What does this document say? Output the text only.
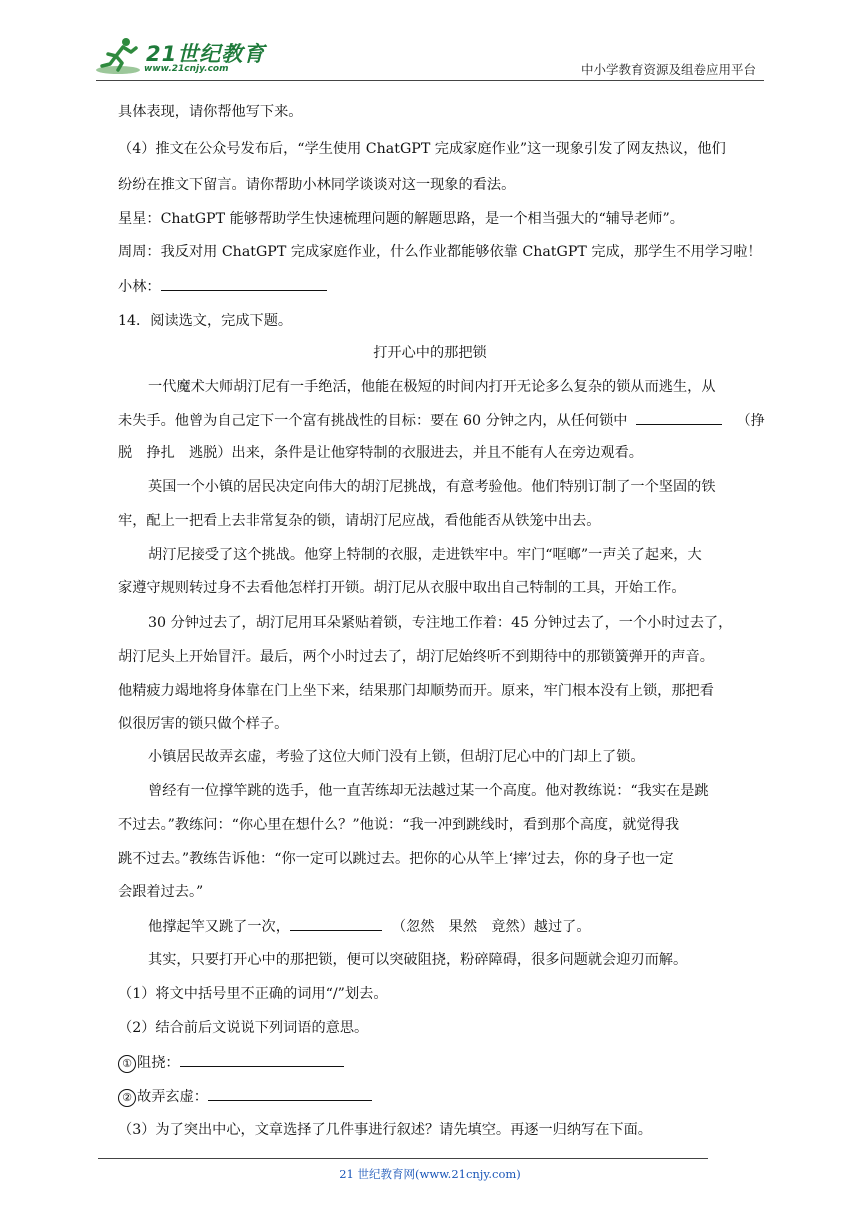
21世纪教育
www.21cnjy.com	中小学教育资源及组卷应用平台
具体表现，请你帮他写下来。
（4）推文在公众号发布后，“学生使用 ChatGPT 完成家庭作业”这一现象引发了网友热议，他们
纷纷在推文下留言。请你帮助小林同学谈谈对这一现象的看法。
星星：ChatGPT 能够帮助学生快速梳理问题的解题思路，是一个相当强大的“辅导老师”。
周周：我反对用 ChatGPT 完成家庭作业，什么作业都能够依靠 ChatGPT 完成，那学生不用学习啦！
小林：
14．阅读选文，完成下题。
打开心中的那把锁
一代魔术大师胡汀尼有一手绝活，他能在极短的时间内打开无论多么复杂的锁从而逃生，从
未失手。他曾为自己定下一个富有挑战性的目标：要在 60 分钟之内，从任何锁中	（挣
脱　挣扎　逃脱）出来，条件是让他穿特制的衣服进去，并且不能有人在旁边观看。
英国一个小镇的居民决定向伟大的胡汀尼挑战，有意考验他。他们特别订制了一个坚固的铁
牢，配上一把看上去非常复杂的锁，请胡汀尼应战，看他能否从铁笼中出去。
胡汀尼接受了这个挑战。他穿上特制的衣服，走进铁牢中。牢门“哐啷”一声关了起来，大
家遵守规则转过身不去看他怎样打开锁。胡汀尼从衣服中取出自己特制的工具，开始工作。
30 分钟过去了，胡汀尼用耳朵紧贴着锁，专注地工作着：45 分钟过去了，一个小时过去了，
胡汀尼头上开始冒汗。最后，两个小时过去了，胡汀尼始终听不到期待中的那锁簧弹开的声音。
他精疲力竭地将身体靠在门上坐下来，结果那门却顺势而开。原来，牢门根本没有上锁，那把看
似很厉害的锁只做个样子。
小镇居民故弄玄虚，考验了这位大师门没有上锁，但胡汀尼心中的门却上了锁。
曾经有一位撑竿跳的选手，他一直苦练却无法越过某一个高度。他对教练说：“我实在是跳
不过去。”教练问：“你心里在想什么？”他说：“我一冲到跳线时，看到那个高度，就觉得我
跳不过去。”教练告诉他：“你一定可以跳过去。把你的心从竿上‘摔’过去，你的身子也一定
会跟着过去。”
他撑起竿又跳了一次，	（忽然　果然　竟然）越过了。
其实，只要打开心中的那把锁，便可以突破阻挠，粉碎障碍，很多问题就会迎刃而解。
（1）将文中括号里不正确的词用“/”划去。
（2）结合前后文说说下列词语的意思。
① 阻挠：
② 故弄玄虚：
（3）为了突出中心，文章选择了几件事进行叙述？请先填空。再逐一归纳写在下面。
21 世纪教育网(www.21cnjy.com)
